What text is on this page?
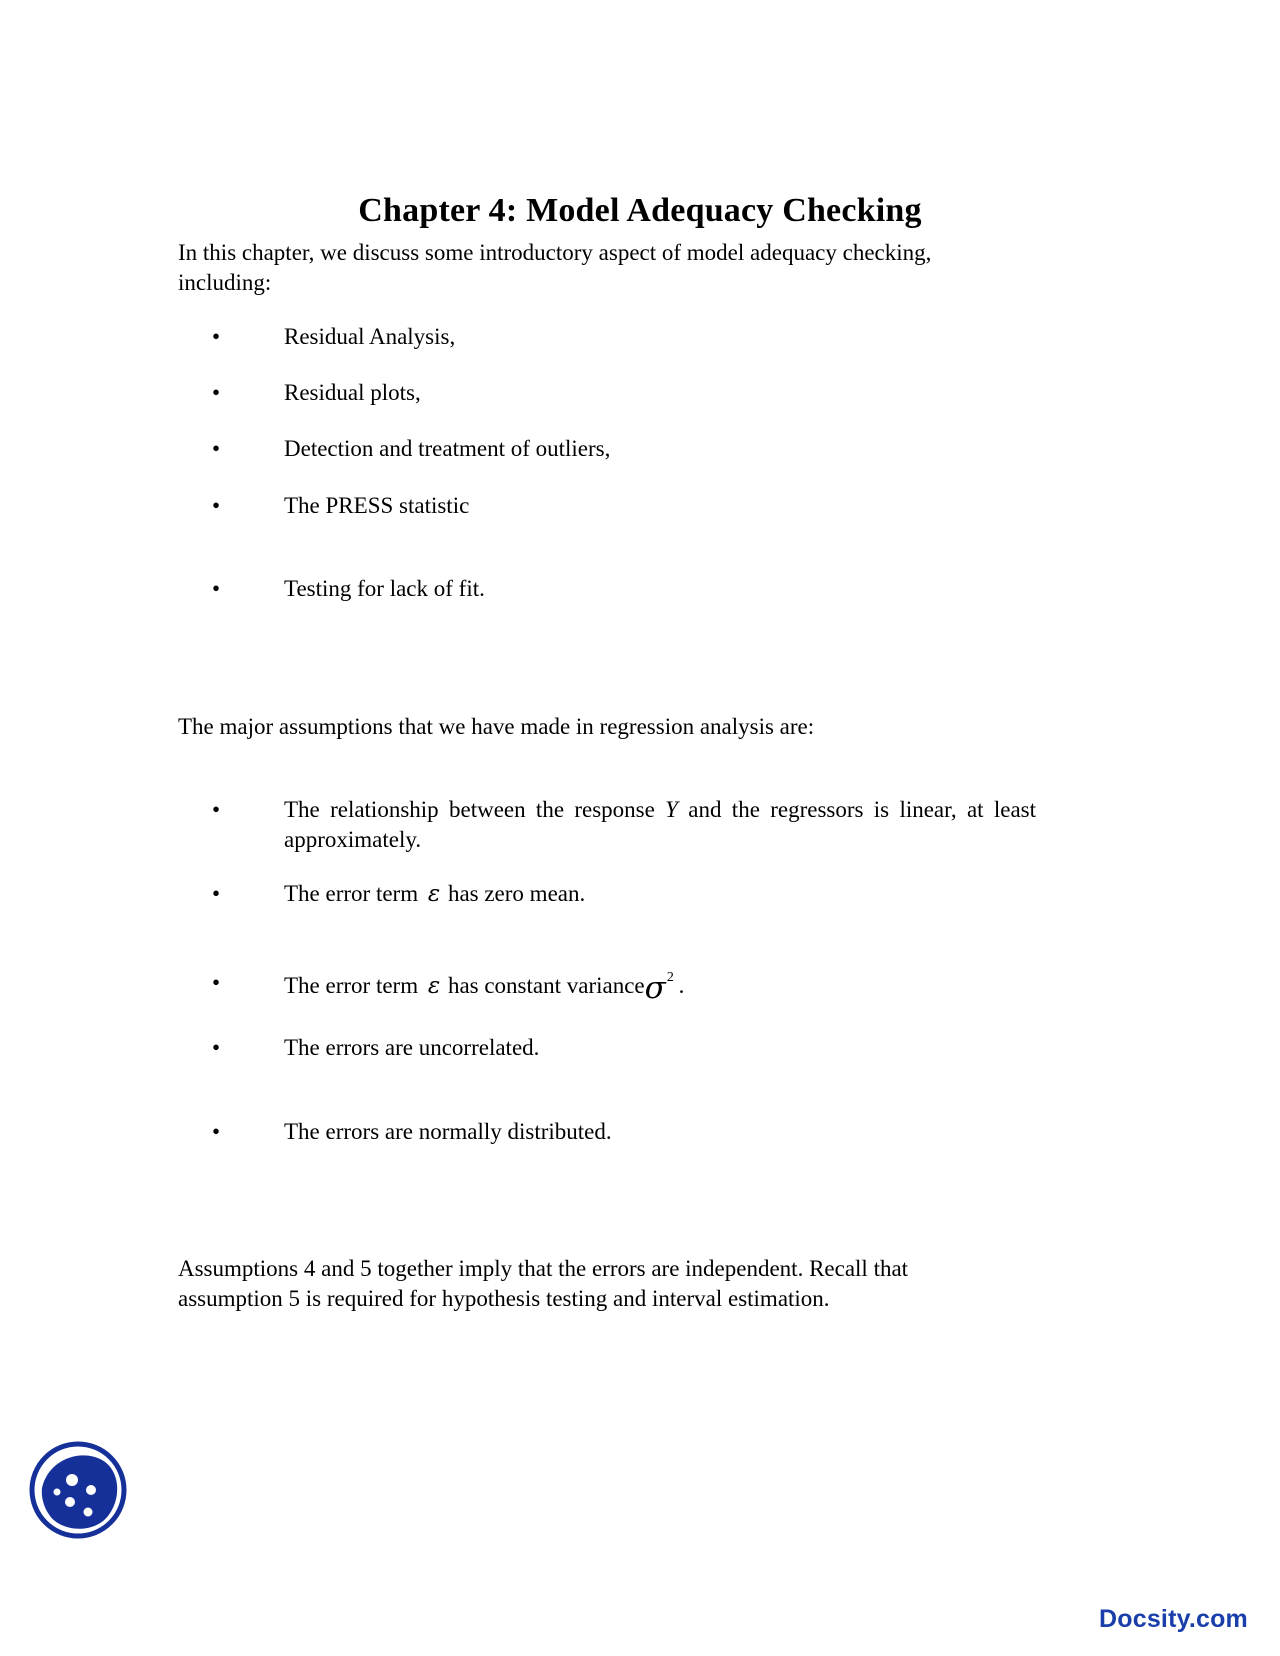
Chapter 4: Model Adequacy Checking
In this chapter, we discuss some introductory aspect of model adequacy checking, including:
•	Residual Analysis,
•	Residual plots,
•	Detection and treatment of outliers,
•	The PRESS statistic
•	Testing for lack of fit.
The major assumptions that we have made in regression analysis are:
•	The relationship between the response Y and the regressors is linear, at least approximately.
•	The error term ε has zero mean.
•	The error term ε has constant varianceσ$^2$ .
•	The errors are uncorrelated.
•	The errors are normally distributed.
Assumptions 4 and 5 together imply that the errors are independent. Recall that
assumption 5 is required for hypothesis testing and interval estimation.
Docsity.com
